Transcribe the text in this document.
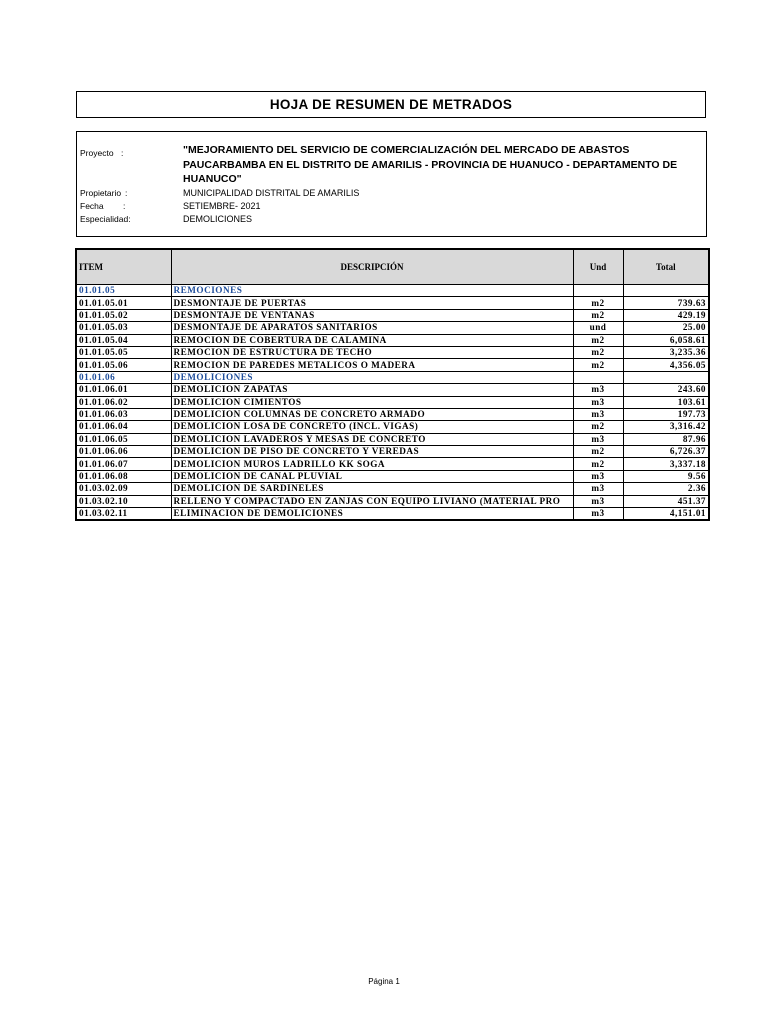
HOJA DE RESUMEN DE METRADOS
Proyecto :	"MEJORAMIENTO DEL SERVICIO DE COMERCIALIZACIÓN DEL MERCADO DE ABASTOS PAUCARBAMBA EN EL DISTRITO DE AMARILIS - PROVINCIA DE HUANUCO - DEPARTAMENTO DE HUANUCO"
Propietario :	MUNICIPALIDAD DISTRITAL DE AMARILIS
Fecha :	SETIEMBRE- 2021
Especialidad:	DEMOLICIONES
ITEM	DESCRIPCIÓN	Und	Total
01.01.05	REMOCIONES		
01.01.05.01	DESMONTAJE DE PUERTAS	m2	739.63
01.01.05.02	DESMONTAJE DE VENTANAS	m2	429.19
01.01.05.03	DESMONTAJE DE APARATOS SANITARIOS	und	25.00
01.01.05.04	REMOCION DE COBERTURA DE CALAMINA	m2	6,058.61
01.01.05.05	REMOCION DE ESTRUCTURA DE TECHO	m2	3,235.36
01.01.05.06	REMOCION DE PAREDES METALICOS O MADERA	m2	4,356.05
01.01.06	DEMOLICIONES		
01.01.06.01	DEMOLICION ZAPATAS	m3	243.60
01.01.06.02	DEMOLICION CIMIENTOS	m3	103.61
01.01.06.03	DEMOLICION COLUMNAS DE CONCRETO ARMADO	m3	197.73
01.01.06.04	DEMOLICION LOSA DE CONCRETO (INCL. VIGAS)	m2	3,316.42
01.01.06.05	DEMOLICION LAVADEROS Y MESAS DE CONCRETO	m3	87.96
01.01.06.06	DEMOLICION DE PISO DE CONCRETO Y VEREDAS	m2	6,726.37
01.01.06.07	DEMOLICION MUROS LADRILLO KK SOGA	m2	3,337.18
01.01.06.08	DEMOLICION DE CANAL PLUVIAL	m3	9.56
01.03.02.09	DEMOLICION DE SARDINELES	m3	2.36
01.03.02.10	RELLENO Y COMPACTADO EN ZANJAS CON EQUIPO LIVIANO (MATERIAL PRO	m3	451.37
01.03.02.11	ELIMINACION DE DEMOLICIONES	m3	4,151.01
Página 1
